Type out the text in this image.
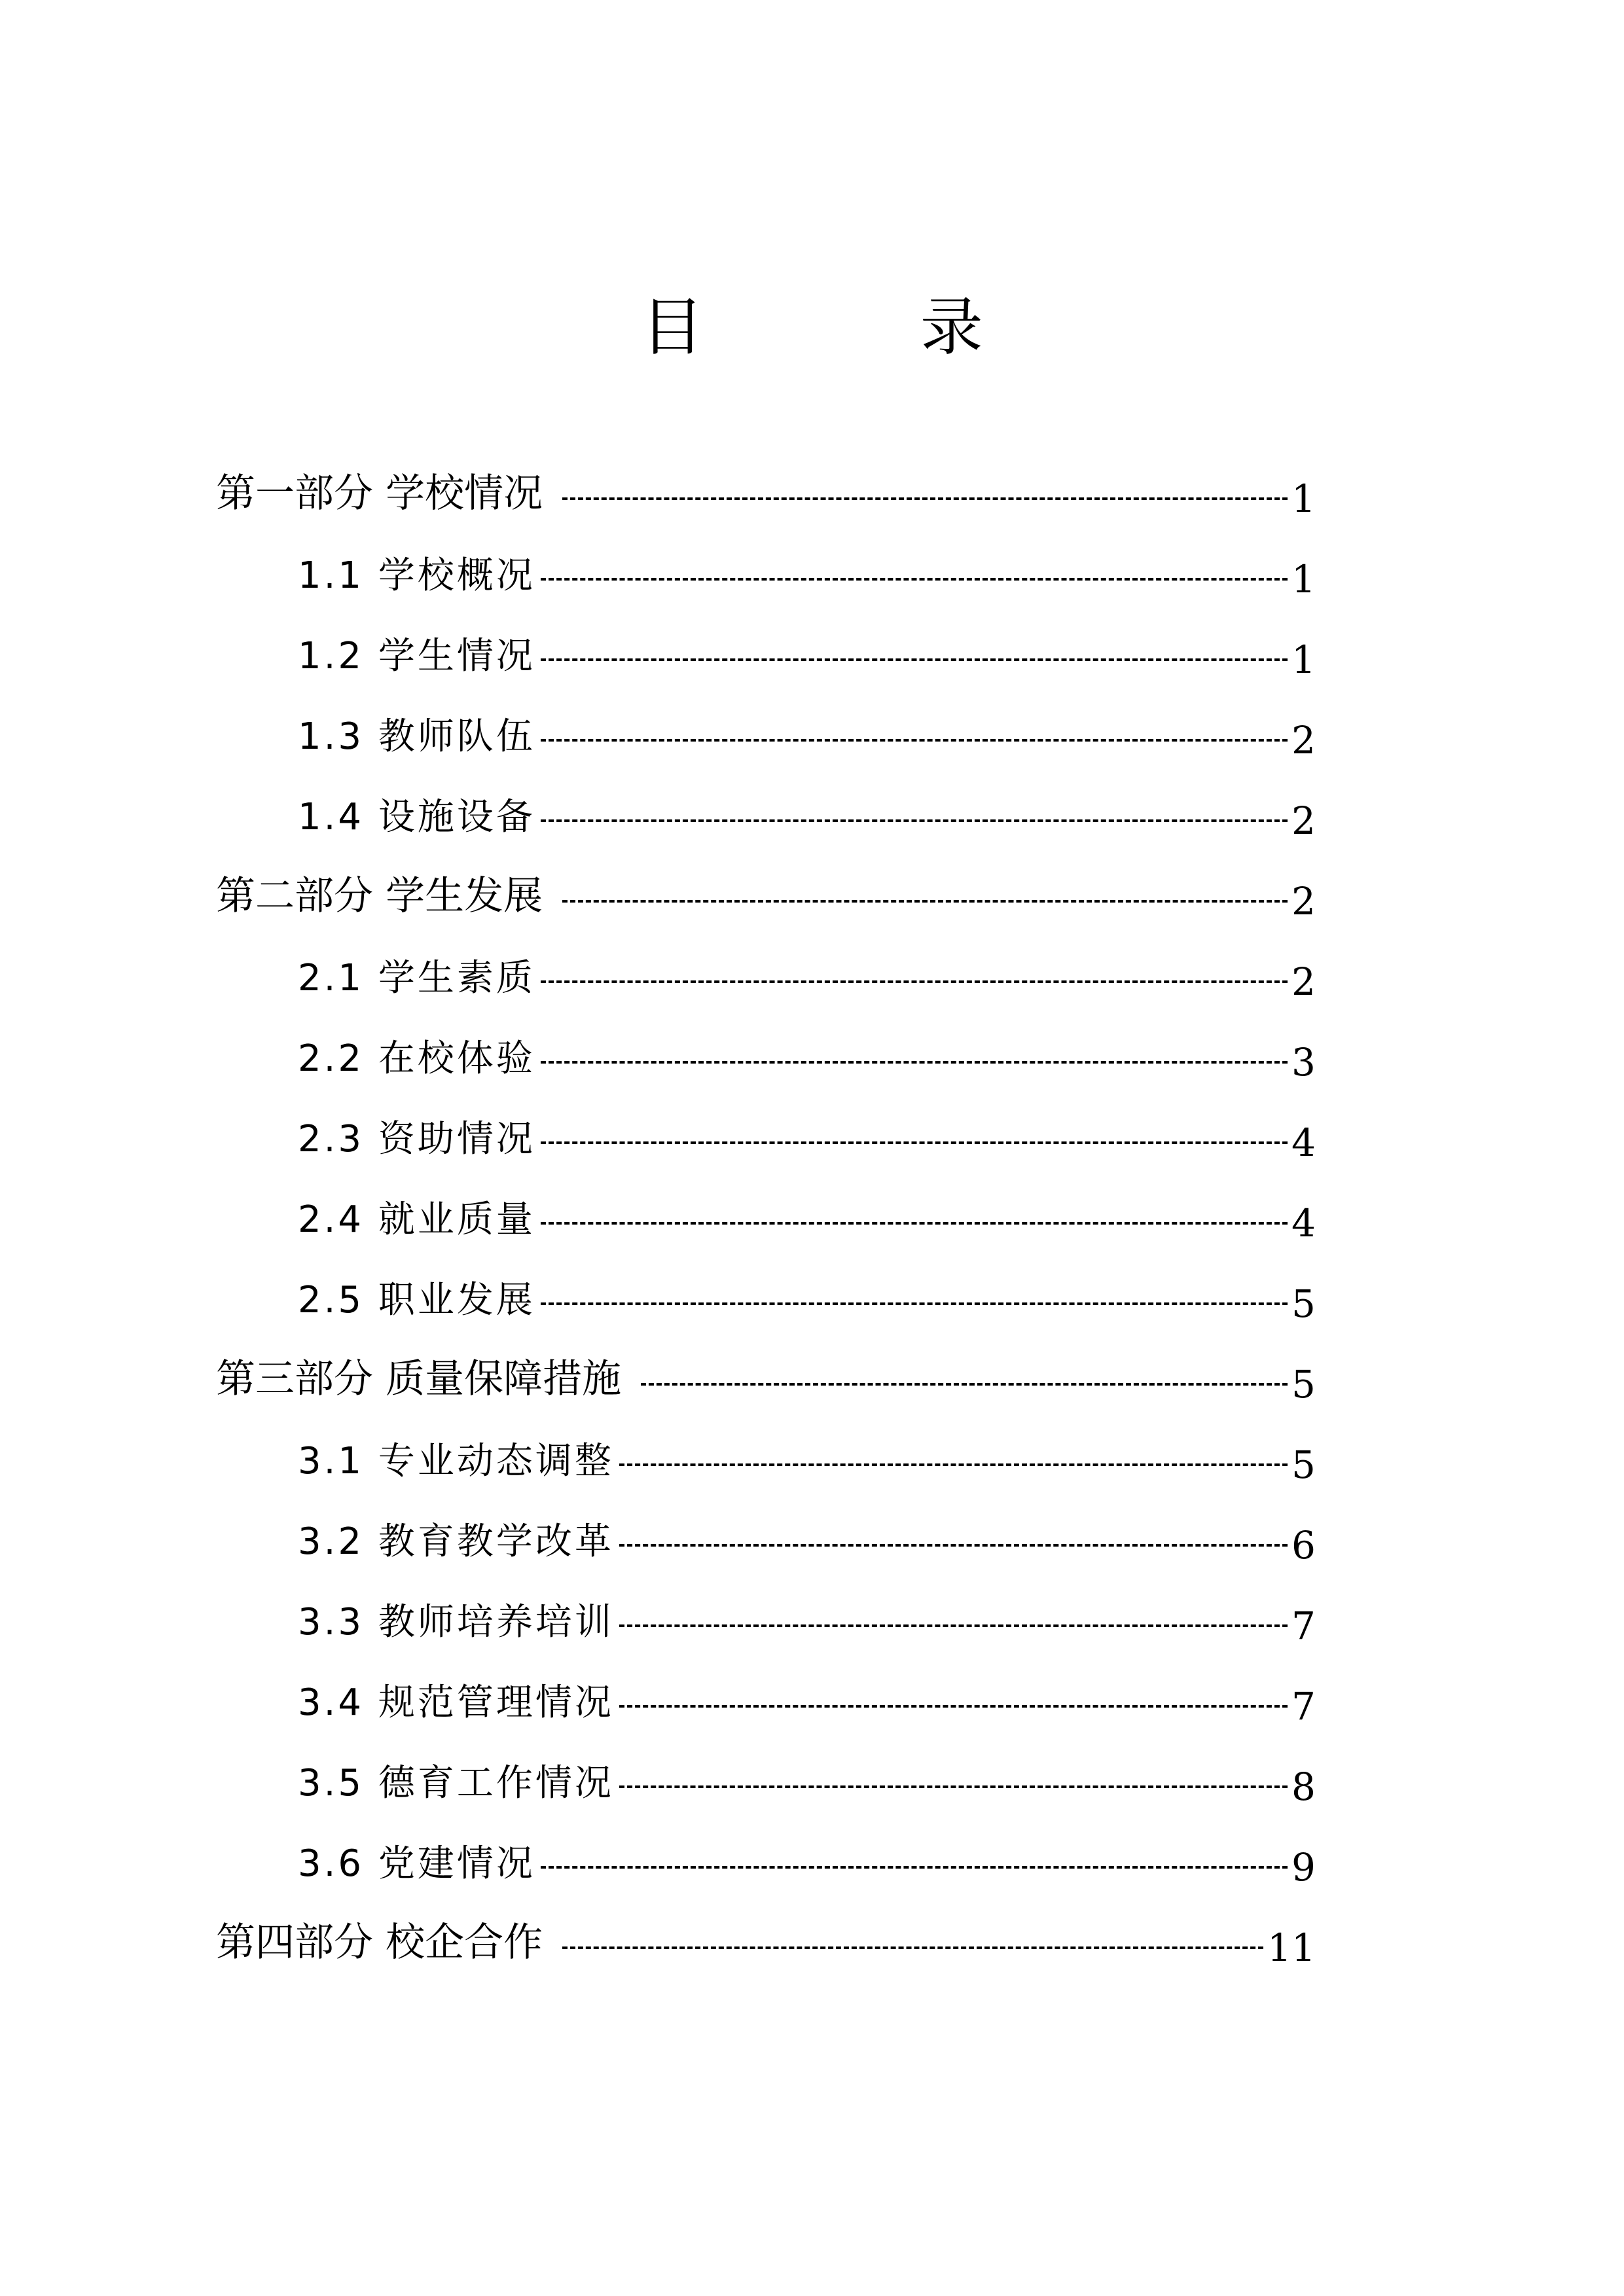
目 录
第一部分 学校情况	1
1.1 学校概况	1
1.2 学生情况	1
1.3 教师队伍	2
1.4 设施设备	2
第二部分 学生发展	2
2.1 学生素质	2
2.2 在校体验	3
2.3 资助情况	4
2.4 就业质量	4
2.5 职业发展	5
第三部分 质量保障措施	5
3.1 专业动态调整	5
3.2 教育教学改革	6
3.3 教师培养培训	7
3.4 规范管理情况	7
3.5 德育工作情况	8
3.6 党建情况	9
第四部分 校企合作	11
